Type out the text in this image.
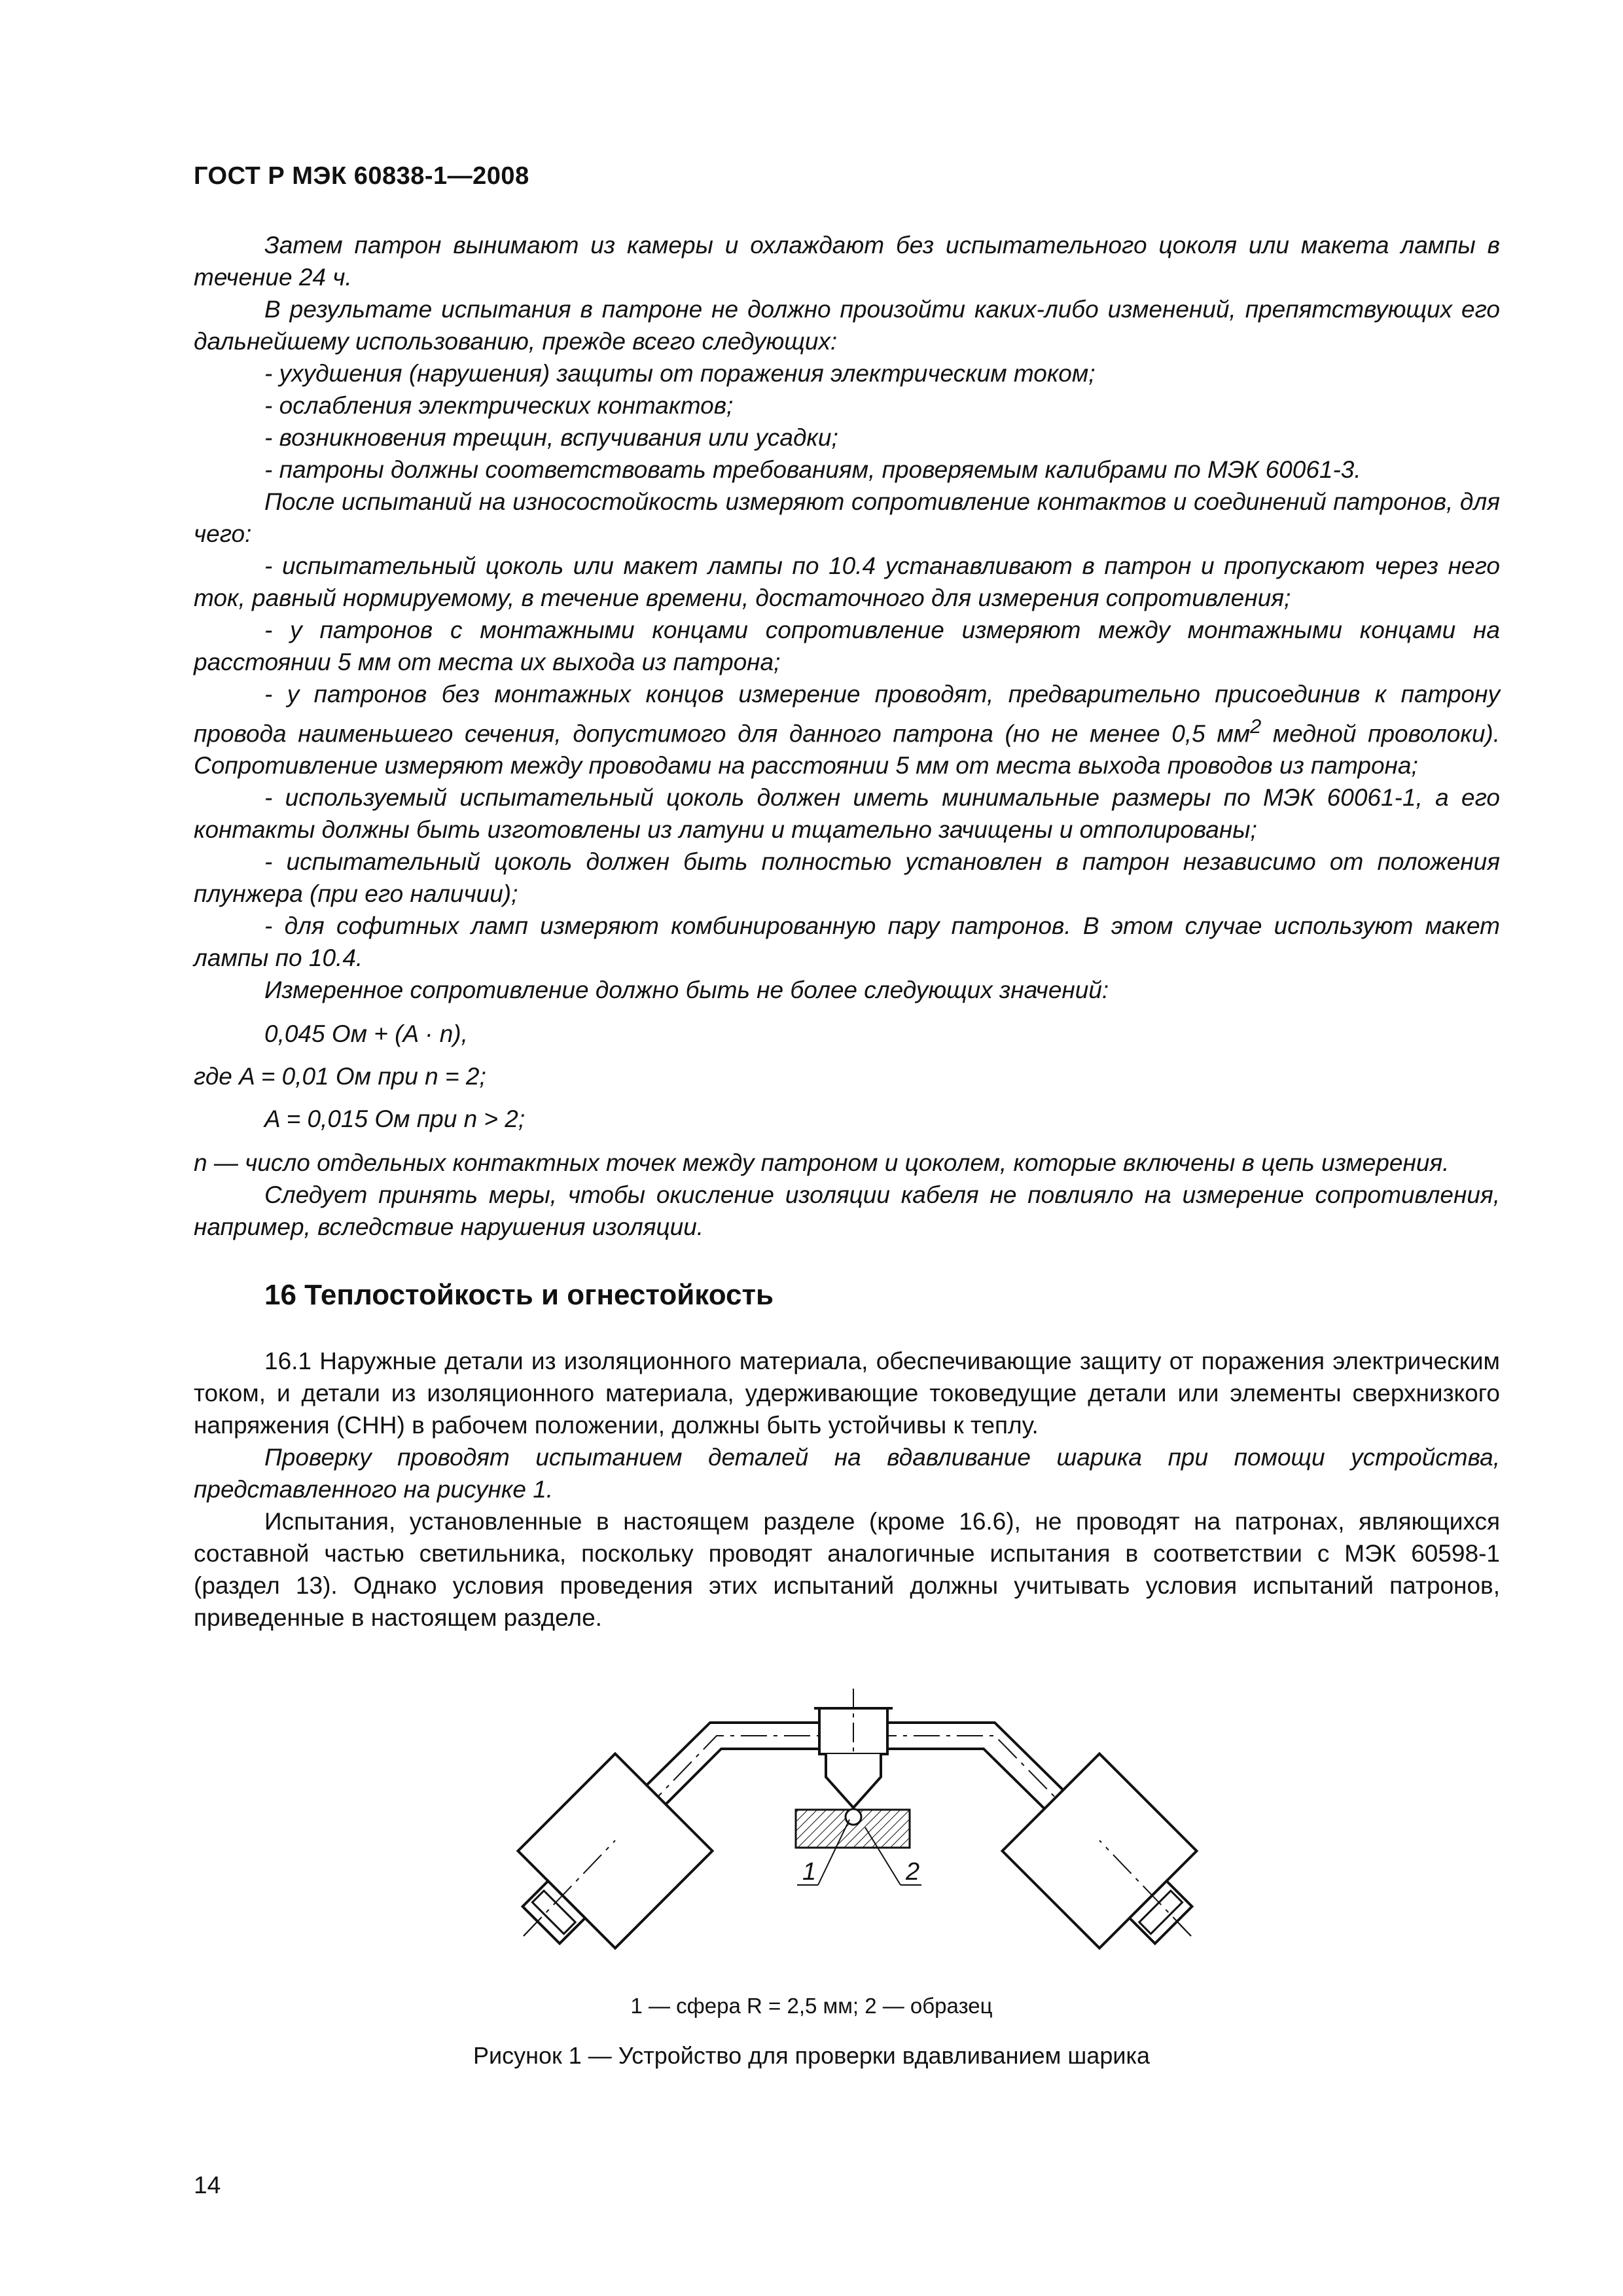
ГОСТ Р МЭК 60838-1—2008

Затем патрон вынимают из камеры и охлаждают без испытательного цоколя или макета лампы в течение 24 ч.

В результате испытания в патроне не должно произойти каких-либо изменений, препятствующих его дальнейшему использованию, прежде всего следующих:

- ухудшения (нарушения) защиты от поражения электрическим током;

- ослабления электрических контактов;

- возникновения трещин, вспучивания или усадки;

- патроны должны соответствовать требованиям, проверяемым калибрами по МЭК 60061-3.

После испытаний на износостойкость измеряют сопротивление контактов и соединений патронов, для чего:

- испытательный цоколь или макет лампы по 10.4 устанавливают в патрон и пропускают через него ток, равный нормируемому, в течение времени, достаточного для измерения сопротивления;

- у патронов с монтажными концами сопротивление измеряют между монтажными концами на расстоянии 5 мм от места их выхода из патрона;

- у патронов без монтажных концов измерение проводят, предварительно присоединив к патрону провода наименьшего сечения, допустимого для данного патрона (но не менее 0,5 $мм^2$ медной проволоки). Сопротивление измеряют между проводами на расстоянии 5 мм от места выхода проводов из патрона;

- используемый испытательный цоколь должен иметь минимальные размеры по МЭК 60061-1, а его контакты должны быть изготовлены из латуни и тщательно зачищены и отполированы;

- испытательный цоколь должен быть полностью установлен в патрон независимо от положения плунжера (при его наличии);

- для софитных ламп измеряют комбинированную пару патронов. В этом случае используют макет лампы по 10.4.

Измеренное сопротивление должно быть не более следующих значений:

0,045 Ом + (A · n),

где A = 0,01 Ом при n = 2;

A = 0,015 Ом при n > 2;

n — число отдельных контактных точек между патроном и цоколем, которые включены в цепь измерения.

Следует принять меры, чтобы окисление изоляции кабеля не повлияло на измерение сопротивления, например, вследствие нарушения изоляции.

16 Теплостойкость и огнестойкость

16.1 Наружные детали из изоляционного материала, обеспечивающие защиту от поражения электрическим током, и детали из изоляционного материала, удерживающие токоведущие детали или элементы сверхнизкого напряжения (СНН) в рабочем положении, должны быть устойчивы к теплу.

Проверку проводят испытанием деталей на вдавливание шарика при помощи устройства, представленного на рисунке 1.

Испытания, установленные в настоящем разделе (кроме 16.6), не проводят на патронах, являющихся составной частью светильника, поскольку проводят аналогичные испытания в соответствии с МЭК 60598-1 (раздел 13). Однако условия проведения этих испытаний должны учитывать условия испытаний патронов, приведенные в настоящем разделе.

1	2
1 — сфера R = 2,5 мм; 2 — образец
Рисунок 1 — Устройство для проверки вдавливанием шарика
14
